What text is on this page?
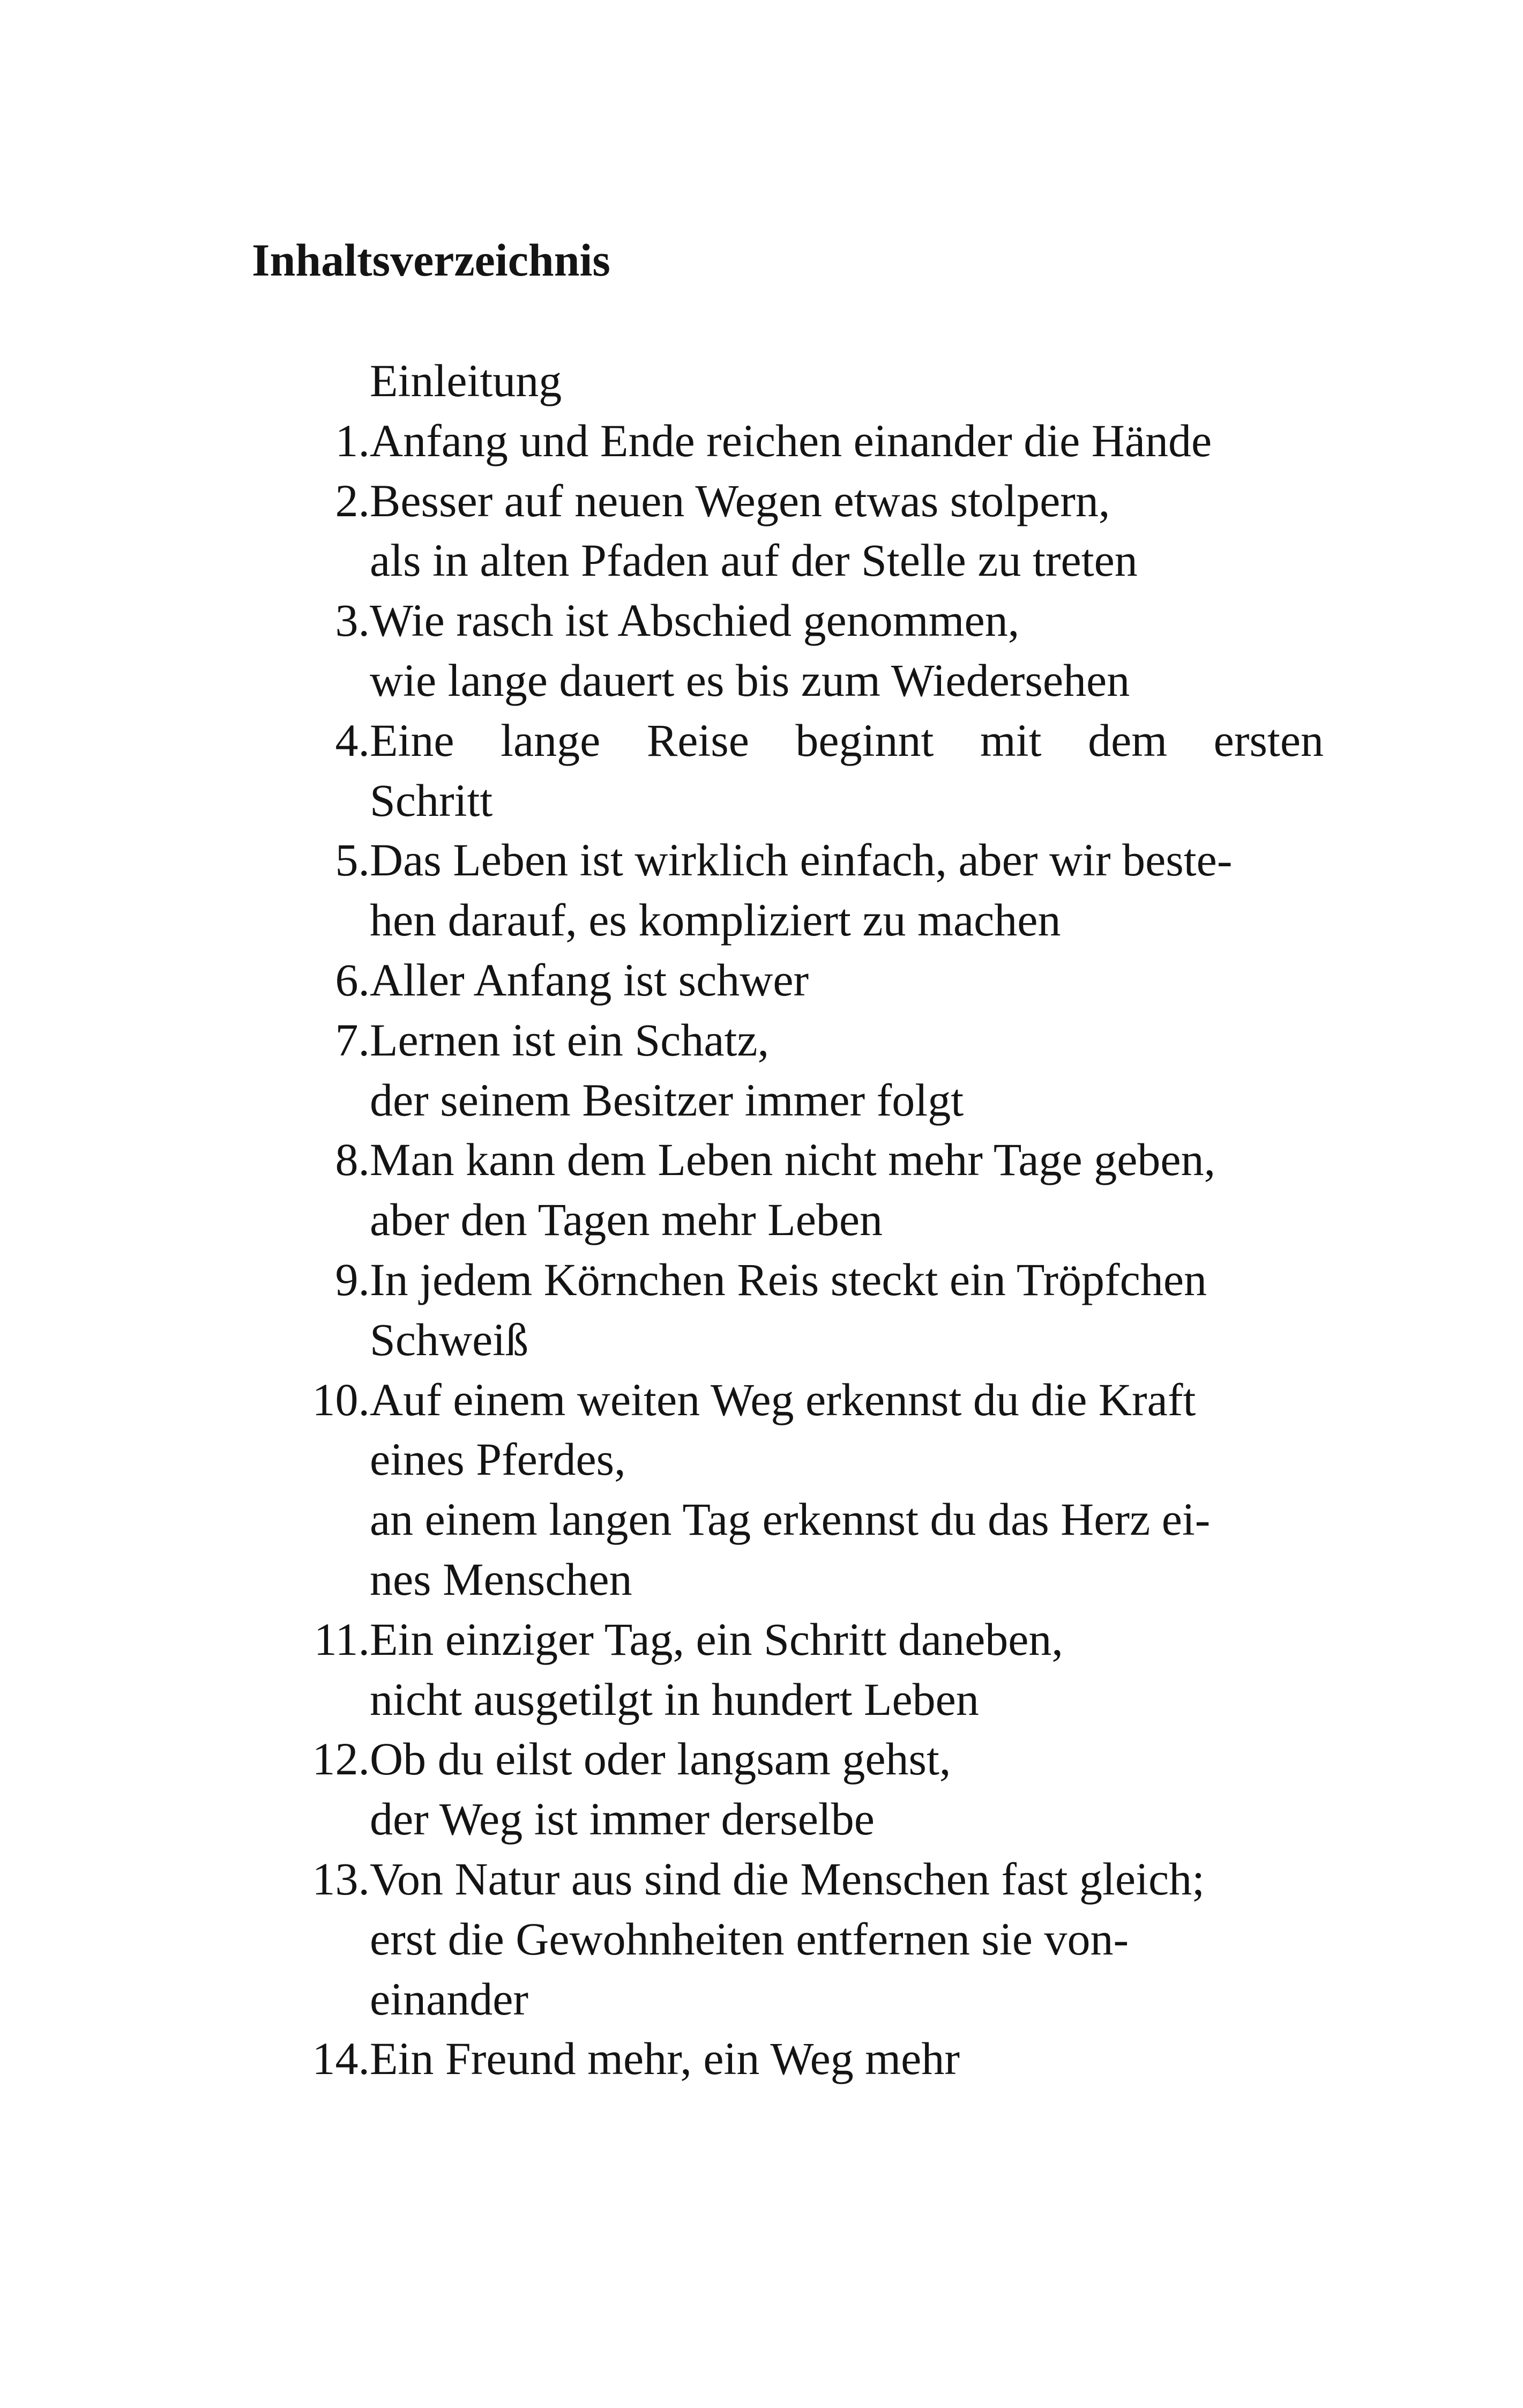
Inhaltsverzeichnis
Einleitung
1. Anfang und Ende reichen einander die Hände
2. Besser auf neuen Wegen etwas stolpern,
als in alten Pfaden auf der Stelle zu treten
3. Wie rasch ist Abschied genommen,
wie lange dauert es bis zum Wiedersehen
4. Eine lange Reise beginnt mit dem ersten
Schritt
5. Das Leben ist wirklich einfach, aber wir beste-
hen darauf, es kompliziert zu machen
6. Aller Anfang ist schwer
7. Lernen ist ein Schatz,
der seinem Besitzer immer folgt
8. Man kann dem Leben nicht mehr Tage geben,
aber den Tagen mehr Leben
9. In jedem Körnchen Reis steckt ein Tröpfchen
Schweiß
10. Auf einem weiten Weg erkennst du die Kraft
eines Pferdes,
an einem langen Tag erkennst du das Herz ei-
nes Menschen
11. Ein einziger Tag, ein Schritt daneben,
nicht ausgetilgt in hundert Leben
12. Ob du eilst oder langsam gehst,
der Weg ist immer derselbe
13. Von Natur aus sind die Menschen fast gleich;
erst die Gewohnheiten entfernen sie von-
einander
14. Ein Freund mehr, ein Weg mehr
